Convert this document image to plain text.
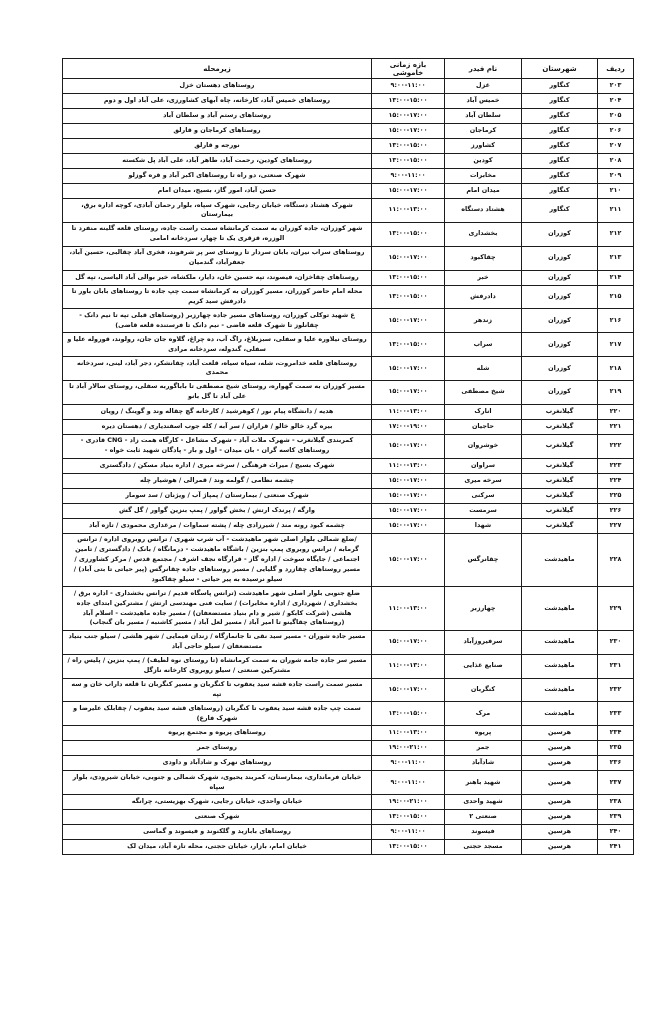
ردیف	شهرستان	نام فیدر	بازه زمانی خاموشی	زیرمحله
۲۰۳	کنگاور	غزل	۹:۰۰-۱۱:۰۰	روستاهای دهستان خزل
۲۰۴	کنگاور	خمیس آباد	۱۳:۰۰-۱۵:۰۰	روستاهای خمیس آباد، کارخانه، چاه آبهای کشاورزی، علی آباد اول و دوم
۲۰۵	کنگاور	سلطان آباد	۱۵:۰۰-۱۷:۰۰	روستاهای رستم آباد و سلطان آباد
۲۰۶	کنگاور	کرماجان	۱۵:۰۰-۱۷:۰۰	روستاهای کرماجان و قارلق
۲۰۷	کنگاور	کشاورز	۱۳:۰۰-۱۵:۰۰	نورجه و قارلق
۲۰۸	کنگاور	کودین	۱۳:۰۰-۱۵:۰۰	روستاهای کودین، رحمت آباد، طاهر آباد، علی آباد پل شکسته
۲۰۹	کنگاور	مخابرات	۹:۰۰-۱۱:۰۰	شهرک صنعتی، دو راه تا روستاهای اکبر آباد و قره گوزلو
۲۱۰	کنگاور	میدان امام	۱۵:۰۰-۱۷:۰۰	حسن آباد، امور گاز، بسیج، میدان امام
۲۱۱	کنگاور	هشتاد دستگاه	۱۱:۰۰-۱۳:۰۰	شهرک هشتاد دستگاه، خیابان رجایی، شهرک سپاه، بلوار رحمان آبادی، کوچه اداره برق، بیمارستان
۲۱۲	کوزران	بخشداری	۱۳:۰۰-۱۵:۰۰	شهر کوزران، جاده کوزران به سمت کرمانشاه سمت راست جاده، روستای قلعه گلینه منفرد تا الوزره، قزقری یک تا چهار، سردخانه امامی
۲۱۳	کوزران	چقاکبود	۱۵:۰۰-۱۷:۰۰	روستاهای سراب نیران، بابان سردار تا روستای سر پر شرفوند، فخری آباد چقالبی، حسین آباد، جعفرآباد، گندمیان
۲۱۴	کوزران	خبر	۱۳:۰۰-۱۵:۰۰	روستاهای چقاخزان، فیصوند، تپه حسین خان، دایار، ملکشاه، خیر بوالی آباد الیاسی، تپه گل
۲۱۵	کوزران	دادرفش	۱۳:۰۰-۱۵:۰۰	محله امام حاضر کوزران، مسیر کوزران به کرمانشاه سمت چپ جاده تا روستاهای بابان باور تا دادرفش سید کریم
۲۱۶	کوزران	زندهر	۱۵:۰۰-۱۷:۰۰	ع شهید توکلی کوزران، روستاهای مسیر جاده چهارزبر (روستاهای قبلی تپه تا نیم دانک - چقانلوز تا شهرک قلعه قاضی - نیم دانک تا فرستنده قلعه قاضی)
۲۱۷	کوزران	سراب	۱۳:۰۰-۱۵:۰۰	روستای نیلاوره علیا و سفلی، سبزبلاغ، راگ آب، ده چراغ، گلاوه جان جان، رولوند، قوروله علیا و سفلی، گندوله، سردخانه مرادی
۲۱۸	کوزران	شله	۱۵:۰۰-۱۷:۰۰	روستاهای قلعه خدامروت، شله، سیاه سیاه، قلعت آباد، چقانشکر، دجر آباد، لینی، سردخانه محمدی
۲۱۹	کوزران	شیخ مصطفی	۱۵:۰۰-۱۷:۰۰	مسیر کوزران به سمت گهواره، روستای شیخ مصطفی تا باباگوربه سفلی، روستای سالار آباد تا علی آباد تا گل بانو
۲۲۰	گیلانغرب	انارک	۱۱:۰۰-۱۳:۰۰	هدیه / دانشگاه پیام نور / کوهرشید / کارخانه گچ چقاله وند و گوینگ / رویان
۲۲۱	گیلانغرب	حاجیان	۱۷:۰۰-۱۹:۰۰	بیره گرد خالو خالو / قراران / سر آبه / کله جوب اسفندیاری / دهستان دیره
۲۲۲	گیلانغرب	خوشروان	۱۵:۰۰-۱۷:۰۰	کمربندی گیلانغرب - شهرک ملات آباد - شهرک مشاغل - کارگاه همت زاد - CNG قادری - روستاهای کاسه گران - بان میدان - اول و بار - پادگان شهید ثابت خواه -
۲۲۳	گیلانغرب	سراوان	۱۱:۰۰-۱۳:۰۰	شهرک بسیج / میراث فرهنگی / سرخه میری / اداره بنیاد مسکن / دادگستری
۲۲۴	گیلانغرب	سرخه میری	۱۵:۰۰-۱۷:۰۰	چشمه نظامی / گولمه وند / قمرالی / هوشیار چله
۲۲۵	گیلانغرب	سرکنی	۱۵:۰۰-۱۷:۰۰	شهرک صنعتی / بیمارستان / پمپاژ آب / ویژنان / سد سومار
۲۲۶	گیلانغرب	سرمست	۱۵:۰۰-۱۷:۰۰	وارگه / پرندک ارتش / بخش گواور / پمپ بنزین گواور / گل گش
۲۲۷	گیلانغرب	شهدا	۱۵:۰۰-۱۷:۰۰	چشمه کبود رونه مند / شیرزادی چله / پشته سماوات / مرغداری محمودی / تازه آباد
۲۲۸	ماهیدشت	چقانرگس	۱۵:۰۰-۱۷:۰۰	/ضلع شمالی بلوار اصلی شهر ماهیدشت - آب شرب شهری / ترانس روبروی اداره / ترانس گرمابه / ترانس روبروی پمپ بنزین / باشگاه ماهیدشت - درمانگاه / بانک / دادگستری / تامین اجتماعی / جایگاه سوخت / اداره گاز - قرارگاه نجف اشرف / مجتمع قدس / مرکز کشاورزی / مسیر روستاهای چقازرد و گلیایی / مسیر روستاهای جاده چقانرگس (پیر حیاتی تا بتی آباد) / سیلو نرسیده به پیر حیاتی - سیلو چقاکبود
۲۲۹	ماهیدشت	چهارزبر	۱۱:۰۰-۱۳:۰۰	ضلع جنوبی بلوار اصلی شهر ماهیدشت (ترانس پاسگاه قدیم / ترانس بخشداری - اداره برق / بخشداری / شهرداری / اداره مخابرات) / سایت فنی مهندسی ارتش / مشترکین ابتدای جاده هلشی (شرکت کابکو / شیر و دام بنیاد مستضعفان) / مسیر جاده ماهیدشت - اسلام آباد (روستاهای چقاگینو تا امیر آباد / مسیر لعل آباد / مسیر کاشنبه / مسیر بان گنجاب)
۲۳۰	ماهیدشت	سرفیروزآباد	۱۵:۰۰-۱۷:۰۰	مسیر جاده شوران - مسیر سید نقی تا جانمازگاه / زندان فیمایی / شهر هلشی / سیلو جنب بنیاد مستضعفان / سیلو حاجی آباد
۲۳۱	ماهیدشت	صنایع غذایی	۱۱:۰۰-۱۳:۰۰	مسیر سر جاده جامه شوران به سمت کرمانشاه (تا روستای نوه لطیف) / پمپ بنزین / پلیس راه / مشترکین صنعتی / سیلو روبروی کارخانه نازگل
۲۳۲	ماهیدشت	کنگربان	۱۵:۰۰-۱۷:۰۰	مسیر سمت راست جاده قشه سید یعقوب تا کنگربان و مسیر کنگربان تا قلعه داراب خان و سه تپه
۲۳۳	ماهیدشت	مرک	۱۳:۰۰-۱۵:۰۰	سمت چپ جاده قشه سید یعقوب تا کنگربان (روستاهای قشه سید یعقوب / چقابلک علیرضا و شهرک فارع)
۲۳۴	هرسین	پریوه	۱۱:۰۰-۱۳:۰۰	روستاهای پریوه و مجتمع پریوه
۲۳۵	هرسین	جمر	۱۹:۰۰-۲۱:۰۰	روستای جمر
۲۳۶	هرسین	شادآباد	۹:۰۰-۱۱:۰۰	روستاهای نهرک و شادآباد و داودی
۲۳۷	هرسین	شهید باهنر	۹:۰۰-۱۱:۰۰	خیابان فرمانداری، بیمارستان، کمربند یحیوی، شهرک شمالی و جنوبی، خیابان شیرودی، بلوار سپاه
۲۳۸	هرسین	شهید واحدی	۱۹:۰۰-۲۱:۰۰	خیابان واحدی، خیابان رجایی، شهرک بهزیستی، چرانگه
۲۳۹	هرسین	صنعتی ۲	۱۳:۰۰-۱۵:۰۰	شهرک صنعتی
۲۴۰	هرسین	فیسوند	۹:۰۰-۱۱:۰۰	روستاهای بابازید و گلکنوند و فیسوند و گماسی
۲۴۱	هرسین	مسجد حجتی	۱۳:۰۰-۱۵:۰۰	خیابان امام، بازار، خیابان حجتی، محله تازه آباد، میدان لک
